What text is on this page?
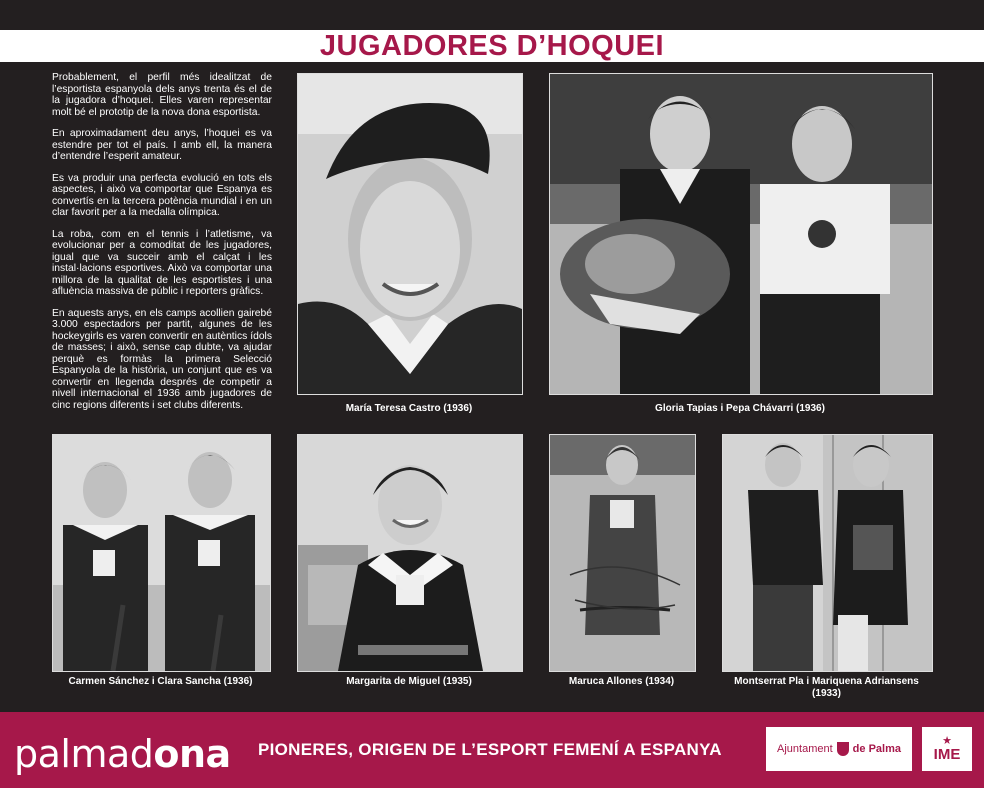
JUGADORES D’HOQUEI

Probablement, el perfil més idealitzat de l’esportista espanyola dels anys trenta és el de la jugadora d’hoquei. Elles varen representar molt bé el prototip de la nova dona esportista.

En aproximadament deu anys, l’hoquei es va estendre per tot el país. I amb ell, la manera d’entendre l’esperit amateur.

Es va produir una perfecta evolució en tots els aspectes, i això va comportar que Espanya es convertís en la tercera potència mundial i en un clar favorit per a la medalla olímpica.

La roba, com en el tennis i l’atletisme, va evolucionar per a comoditat de les jugadores, igual que va succeir amb el calçat i les instal·lacions esportives. Això va comportar una millora de la qualitat de les esportistes i una afluència massiva de públic i reporters gràfics.

En aquests anys, en els camps acollien gairebé 3.000 espectadors per partit, algunes de les hockeygirls es varen convertir en autèntics ídols de masses; i això, sense cap dubte, va ajudar perquè es formàs la primera Selecció Espanyola de la història, un conjunt que es va convertir en llegenda després de competir a nivell internacional el 1936 amb jugadores de cinc regions diferents i set clubs diferents.	María Teresa Castro (1936)	Gloria Tapias i Pepa Chávarri (1936)
Carmen Sánchez i Clara Sancha (1936)	Margarita de Miguel (1935)	Maruca Allones (1934)	Montserrat Pla i Mariquena Adriansens
(1933)
palmadona PIONERES, ORIGEN DE L’ESPORT FEMENÍ A ESPANYA	Ajuntament de Palma
★
IME
